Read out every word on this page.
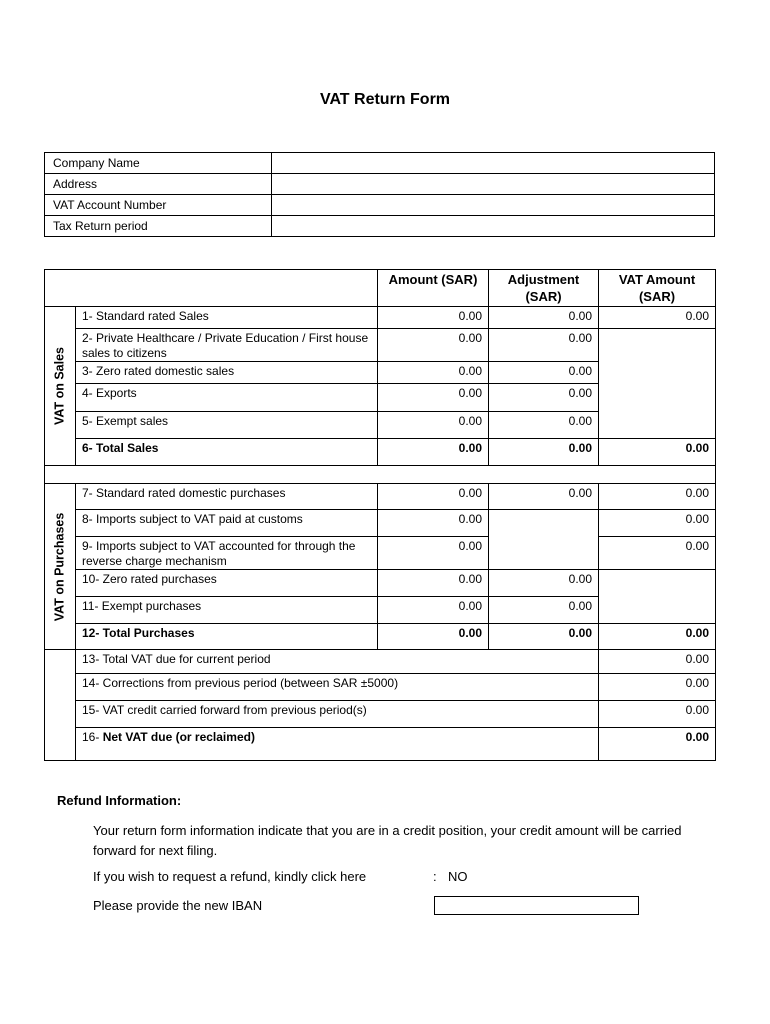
VAT Return Form
Company Name	
Address	
VAT Account Number	
Tax Return period	
		Amount (SAR)	Adjustment (SAR)	VAT Amount (SAR)

VAT on Sales	1- Standard rated Sales	0.00	0.00	0.00
	2- Private Healthcare / Private Education / First house sales to citizens	0.00	0.00	
	3- Zero rated domestic sales	0.00	0.00	
	4- Exports	0.00	0.00	
	5- Exempt sales	0.00	0.00	
	6- Total Sales	0.00	0.00	0.00

VAT on Purchases	7- Standard rated domestic purchases	0.00	0.00	0.00
	8- Imports subject to VAT paid at customs	0.00		0.00
	9- Imports subject to VAT accounted for through the reverse charge mechanism	0.00		0.00
	10- Zero rated purchases	0.00	0.00	
	11- Exempt purchases	0.00	0.00	
	12- Total Purchases	0.00	0.00	0.00
	13- Total VAT due for current period			0.00
	14- Corrections from previous period (between SAR ±5000)			0.00
	15- VAT credit carried forward from previous period(s)			0.00
	16- Net VAT due (or reclaimed)			0.00
Refund Information:
Your return form information indicate that you are in a credit position, your credit amount will be carried forward for next filing.
If you wish to request a refund, kindly click here	: NO
Please provide the new IBAN
